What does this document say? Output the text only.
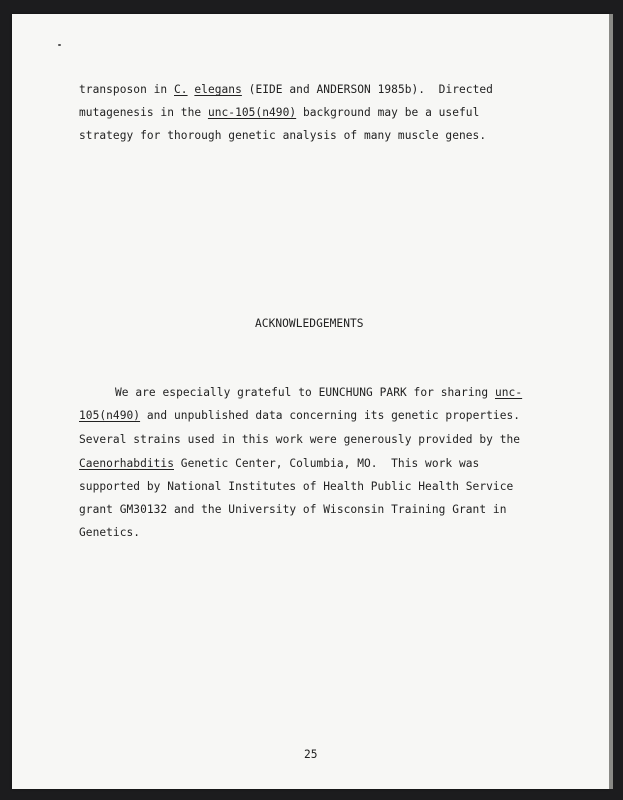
transposon in C. elegans (EIDE and ANDERSON 1985b).  Directed
mutagenesis in the unc-105(n490) background may be a useful
strategy for thorough genetic analysis of many muscle genes.
ACKNOWLEDGEMENTS
We are especially grateful to EUNCHUNG PARK for sharing unc-
105(n490) and unpublished data concerning its genetic properties.
Several strains used in this work were generously provided by the
Caenorhabditis Genetic Center, Columbia, MO.  This work was
supported by National Institutes of Health Public Health Service
grant GM30132 and the University of Wisconsin Training Grant in
Genetics.
25
